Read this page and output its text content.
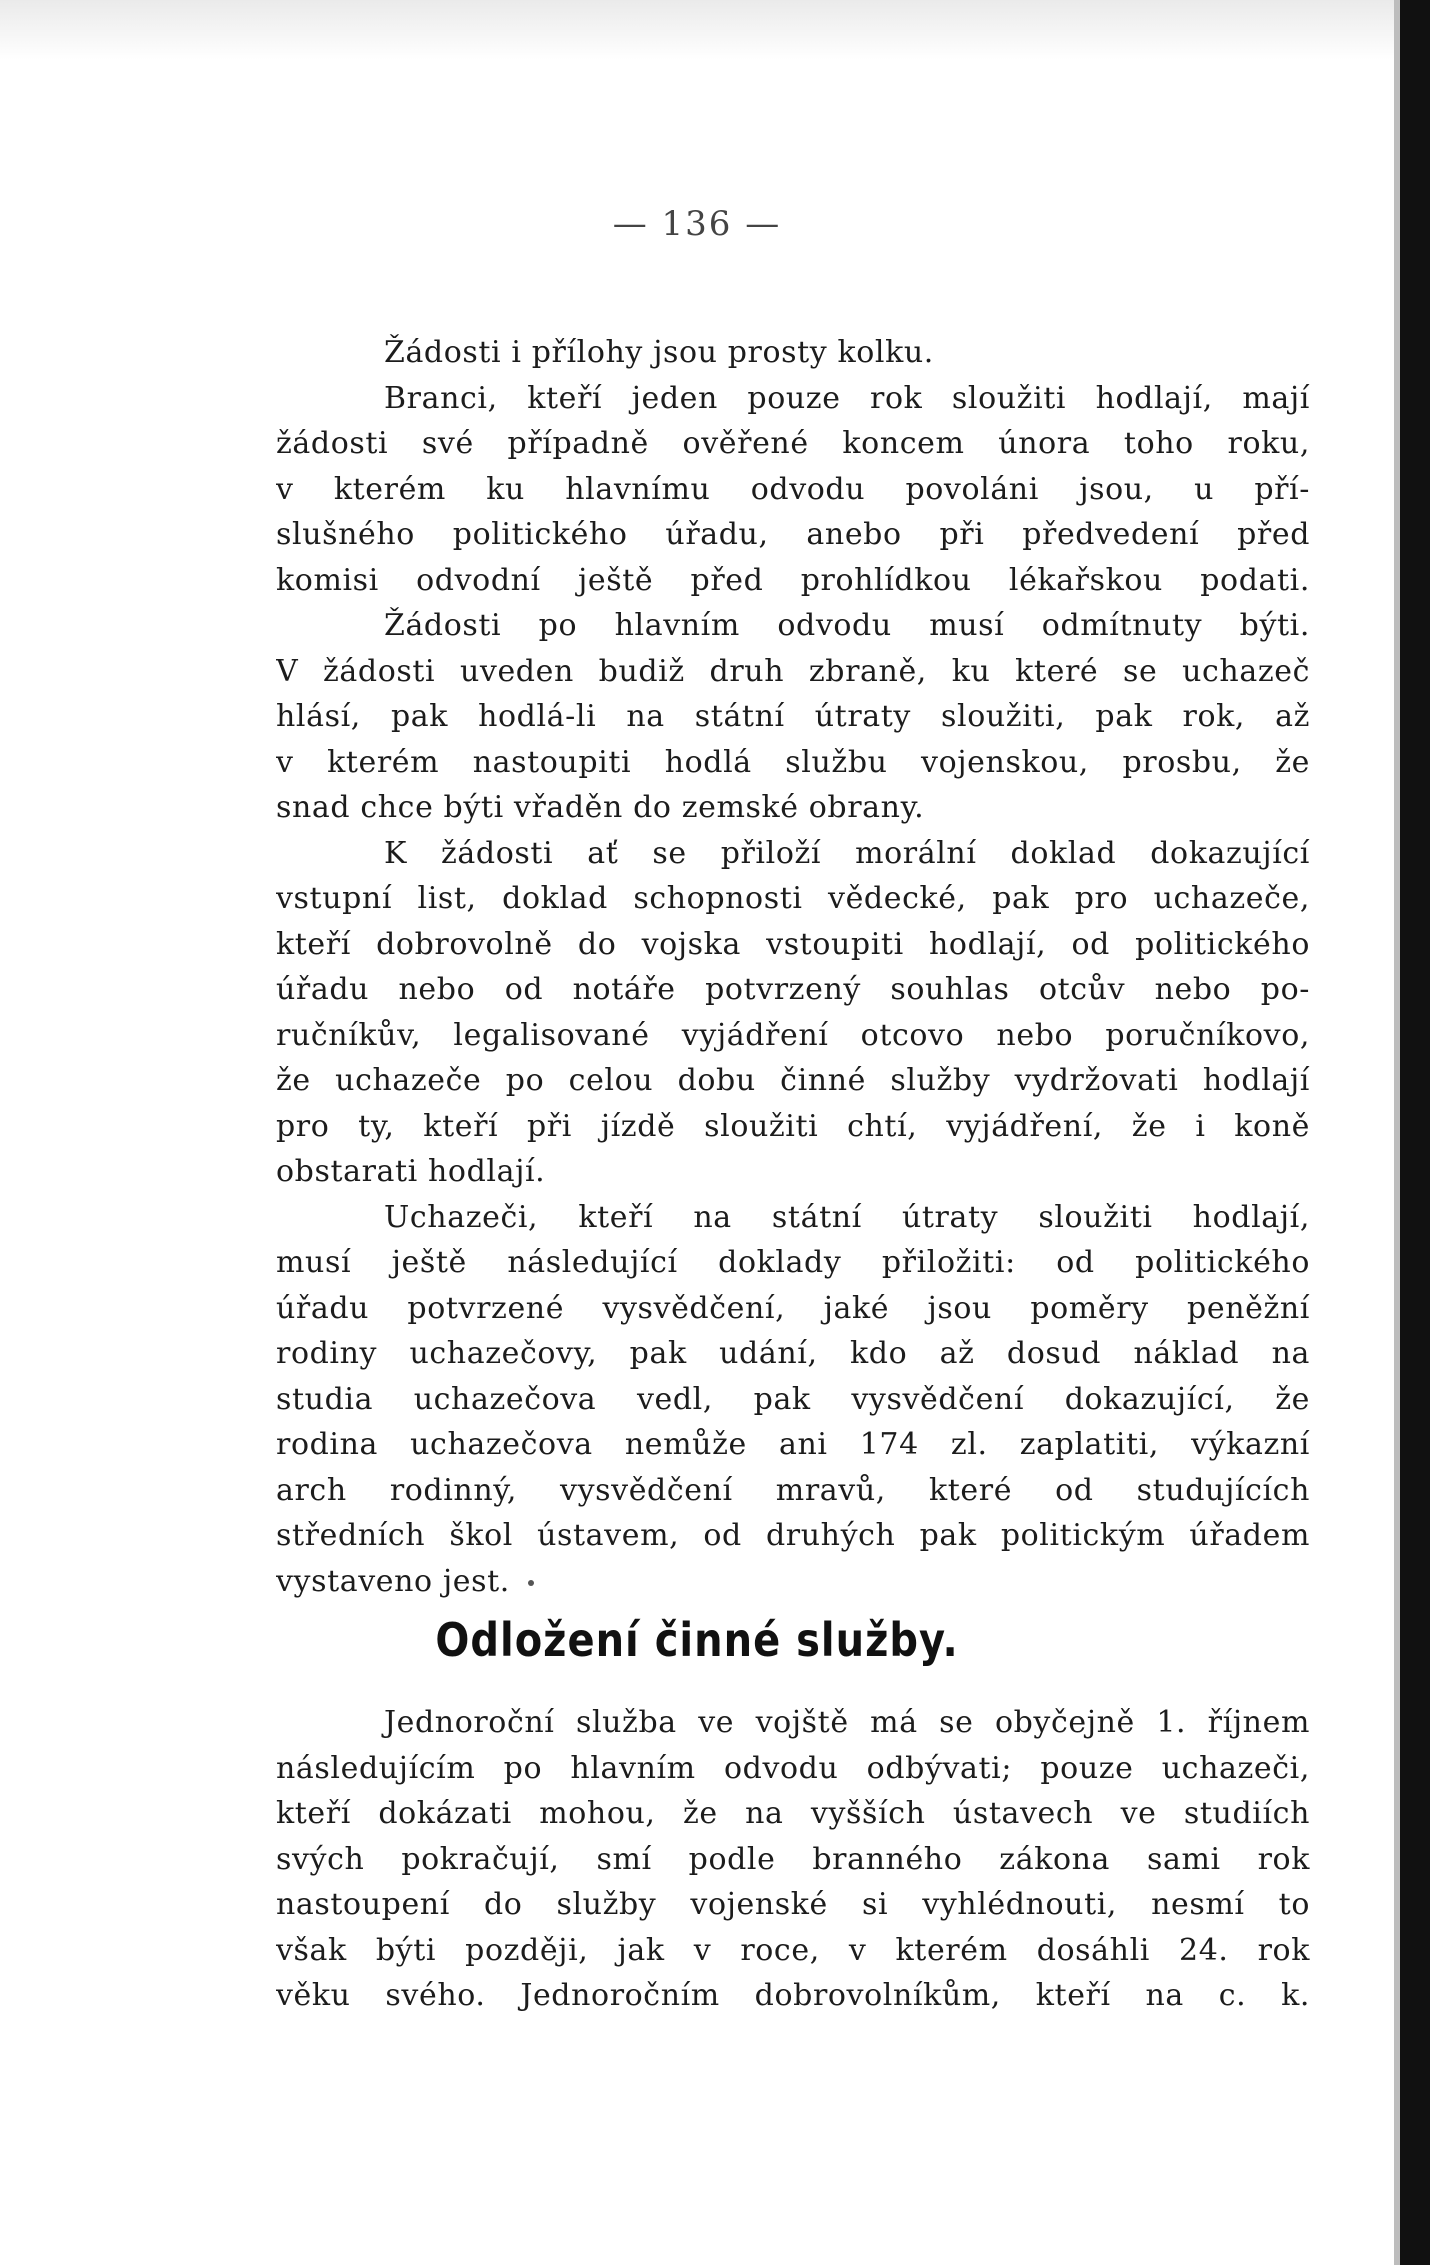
— 136 —
Žádosti i přílohy jsou prosty kolku.
Branci, kteří jeden pouze rok sloužiti hodlají, mají
žádosti své případně ověřené koncem února toho roku,
v kterém ku hlavnímu odvodu povoláni jsou, u pří-
slušného politického úřadu, anebo při předvedení před
komisi odvodní ještě před prohlídkou lékařskou podati.
Žádosti po hlavním odvodu musí odmítnuty býti.
V žádosti uveden budiž druh zbraně, ku které se uchazeč
hlásí, pak hodlá-li na státní útraty sloužiti, pak rok, až
v kterém nastoupiti hodlá službu vojenskou, prosbu, že
snad chce býti vřaděn do zemské obrany.
K žádosti ať se přiloží morální doklad dokazující
vstupní list, doklad schopnosti vědecké, pak pro uchazeče,
kteří dobrovolně do vojska vstoupiti hodlají, od politického
úřadu nebo od notáře potvrzený souhlas otcův nebo po-
ručníkův, legalisované vyjádření otcovo nebo poručníkovo,
že uchazeče po celou dobu činné služby vydržovati hodlají
pro ty, kteří při jízdě sloužiti chtí, vyjádření, že i koně
obstarati hodlají.
Uchazeči, kteří na státní útraty sloužiti hodlají,
musí ještě následující doklady přiložiti: od politického
úřadu potvrzené vysvědčení, jaké jsou poměry peněžní
rodiny uchazečovy, pak udání, kdo až dosud náklad na
studia uchazečova vedl, pak vysvědčení dokazující, že
rodina uchazečova nemůže ani 174 zl. zaplatiti, výkazní
arch rodinný, vysvědčení mravů, které od studujících
středních škol ústavem, od druhých pak politickým úřadem
vystaveno jest.
Odložení činné služby.
Jednoroční služba ve vojště má se obyčejně 1. říjnem
následujícím po hlavním odvodu odbývati; pouze uchazeči,
kteří dokázati mohou, že na vyšších ústavech ve studiích
svých pokračují, smí podle branného zákona sami rok
nastoupení do služby vojenské si vyhlédnouti, nesmí to
však býti později, jak v roce, v kterém dosáhli 24. rok
věku svého. Jednoročním dobrovolníkům, kteří na c. k.
